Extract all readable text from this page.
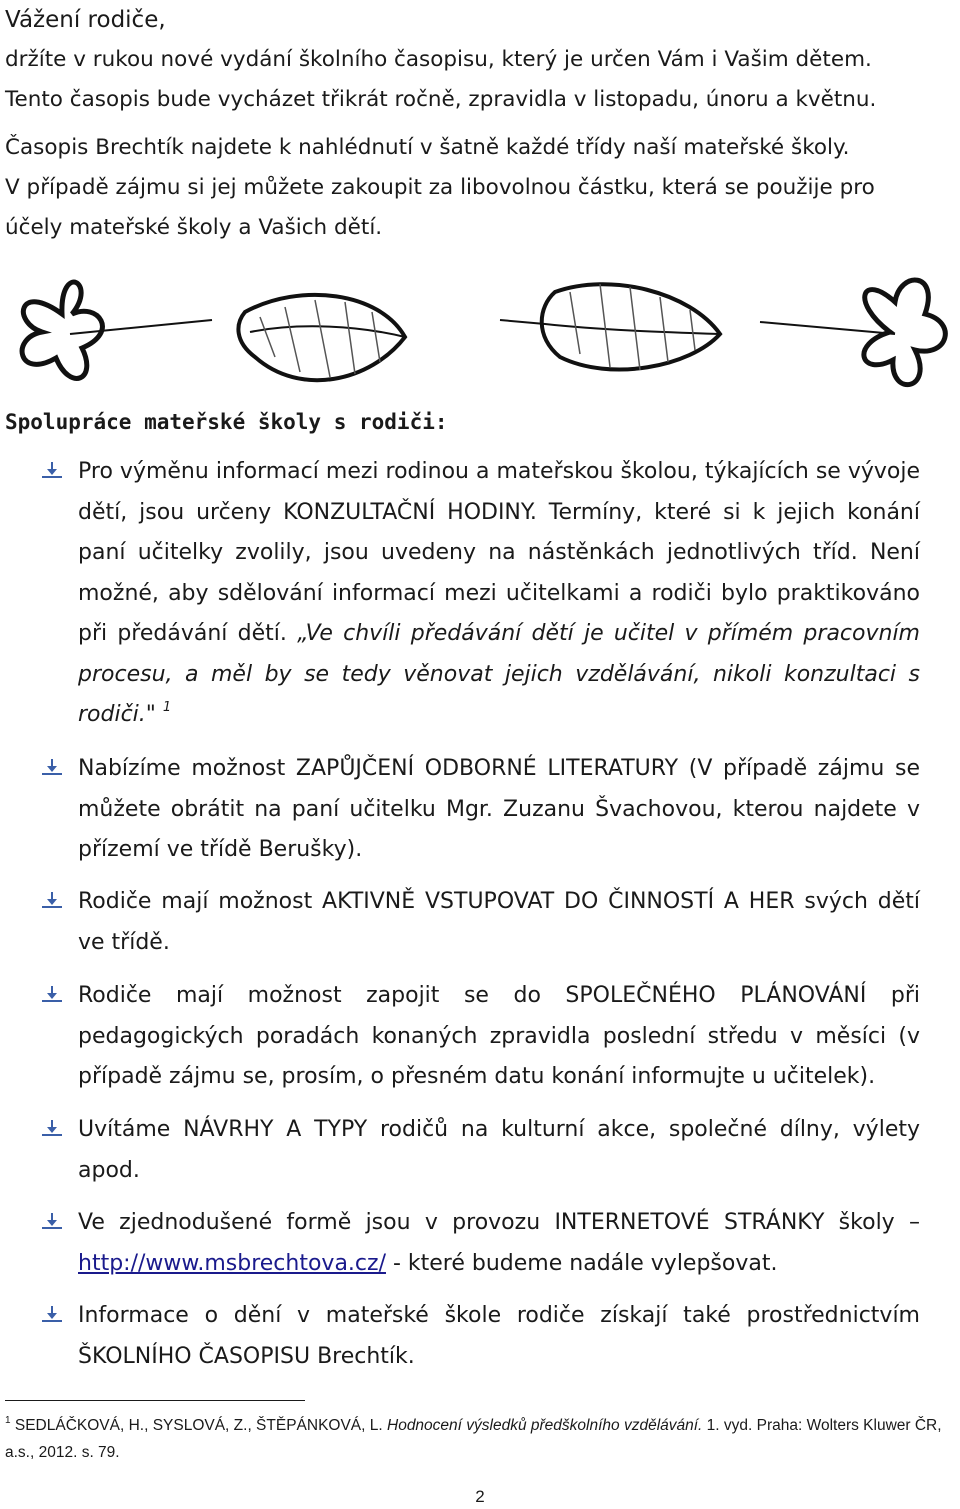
Vážení rodiče,

držíte v rukou nové vydání školního časopisu, který je určen Vám i Vašim dětem.

Tento časopis bude vycházet třikrát ročně, zpravidla v listopadu, únoru a květnu.

Časopis Brechtík najdete k nahlédnutí v šatně každé třídy naší mateřské školy.

V případě zájmu si jej můžete zakoupit za libovolnou částku, která se použije pro

účely mateřské školy a Vašich dětí.

Spolupráce mateřské školy s rodiči:
Pro výměnu informací mezi rodinou a mateřskou školou, týkajících se vývoje dětí, jsou určeny KONZULTAČNÍ HODINY. Termíny, které si k jejich konání paní učitelky zvolily, jsou uvedeny na nástěnkách jednotlivých tříd. Není možné, aby sdělování informací mezi učitelkami a rodiči bylo praktikováno při předávání dětí. „Ve chvíli předávání dětí je učitel v přímém pracovním procesu, a měl by se tedy věnovat jejich vzdělávání, nikoli konzultaci s rodiči." $^1$
Nabízíme možnost ZAPŮJČENÍ ODBORNÉ LITERATURY (V případě zájmu se můžete obrátit na paní učitelku Mgr. Zuzanu Švachovou, kterou najdete v přízemí ve třídě Berušky).
Rodiče mají možnost AKTIVNĚ VSTUPOVAT DO ČINNOSTÍ A HER svých dětí ve třídě.
Rodiče mají možnost zapojit se do SPOLEČNÉHO PLÁNOVÁNÍ při pedagogických poradách konaných zpravidla poslední středu v měsíci (v případě zájmu se, prosím, o přesném datu konání informujte u učitelek).
Uvítáme NÁVRHY A TYPY rodičů na kulturní akce, společné dílny, výlety apod.
Ve zjednodušené formě jsou v provozu INTERNETOVÉ STRÁNKY školy – http://www.msbrechtova.cz/ - které budeme nadále vylepšovat.
Informace o dění v mateřské škole rodiče získají také prostřednictvím ŠKOLNÍHO ČASOPISU Brechtík.
$^1$ SEDLÁČKOVÁ, H., SYSLOVÁ, Z., ŠTĚPÁNKOVÁ, L. Hodnocení výsledků předškolního vzdělávání. 1. vyd. Praha: Wolters Kluwer ČR, a.s., 2012. s. 79.
2
